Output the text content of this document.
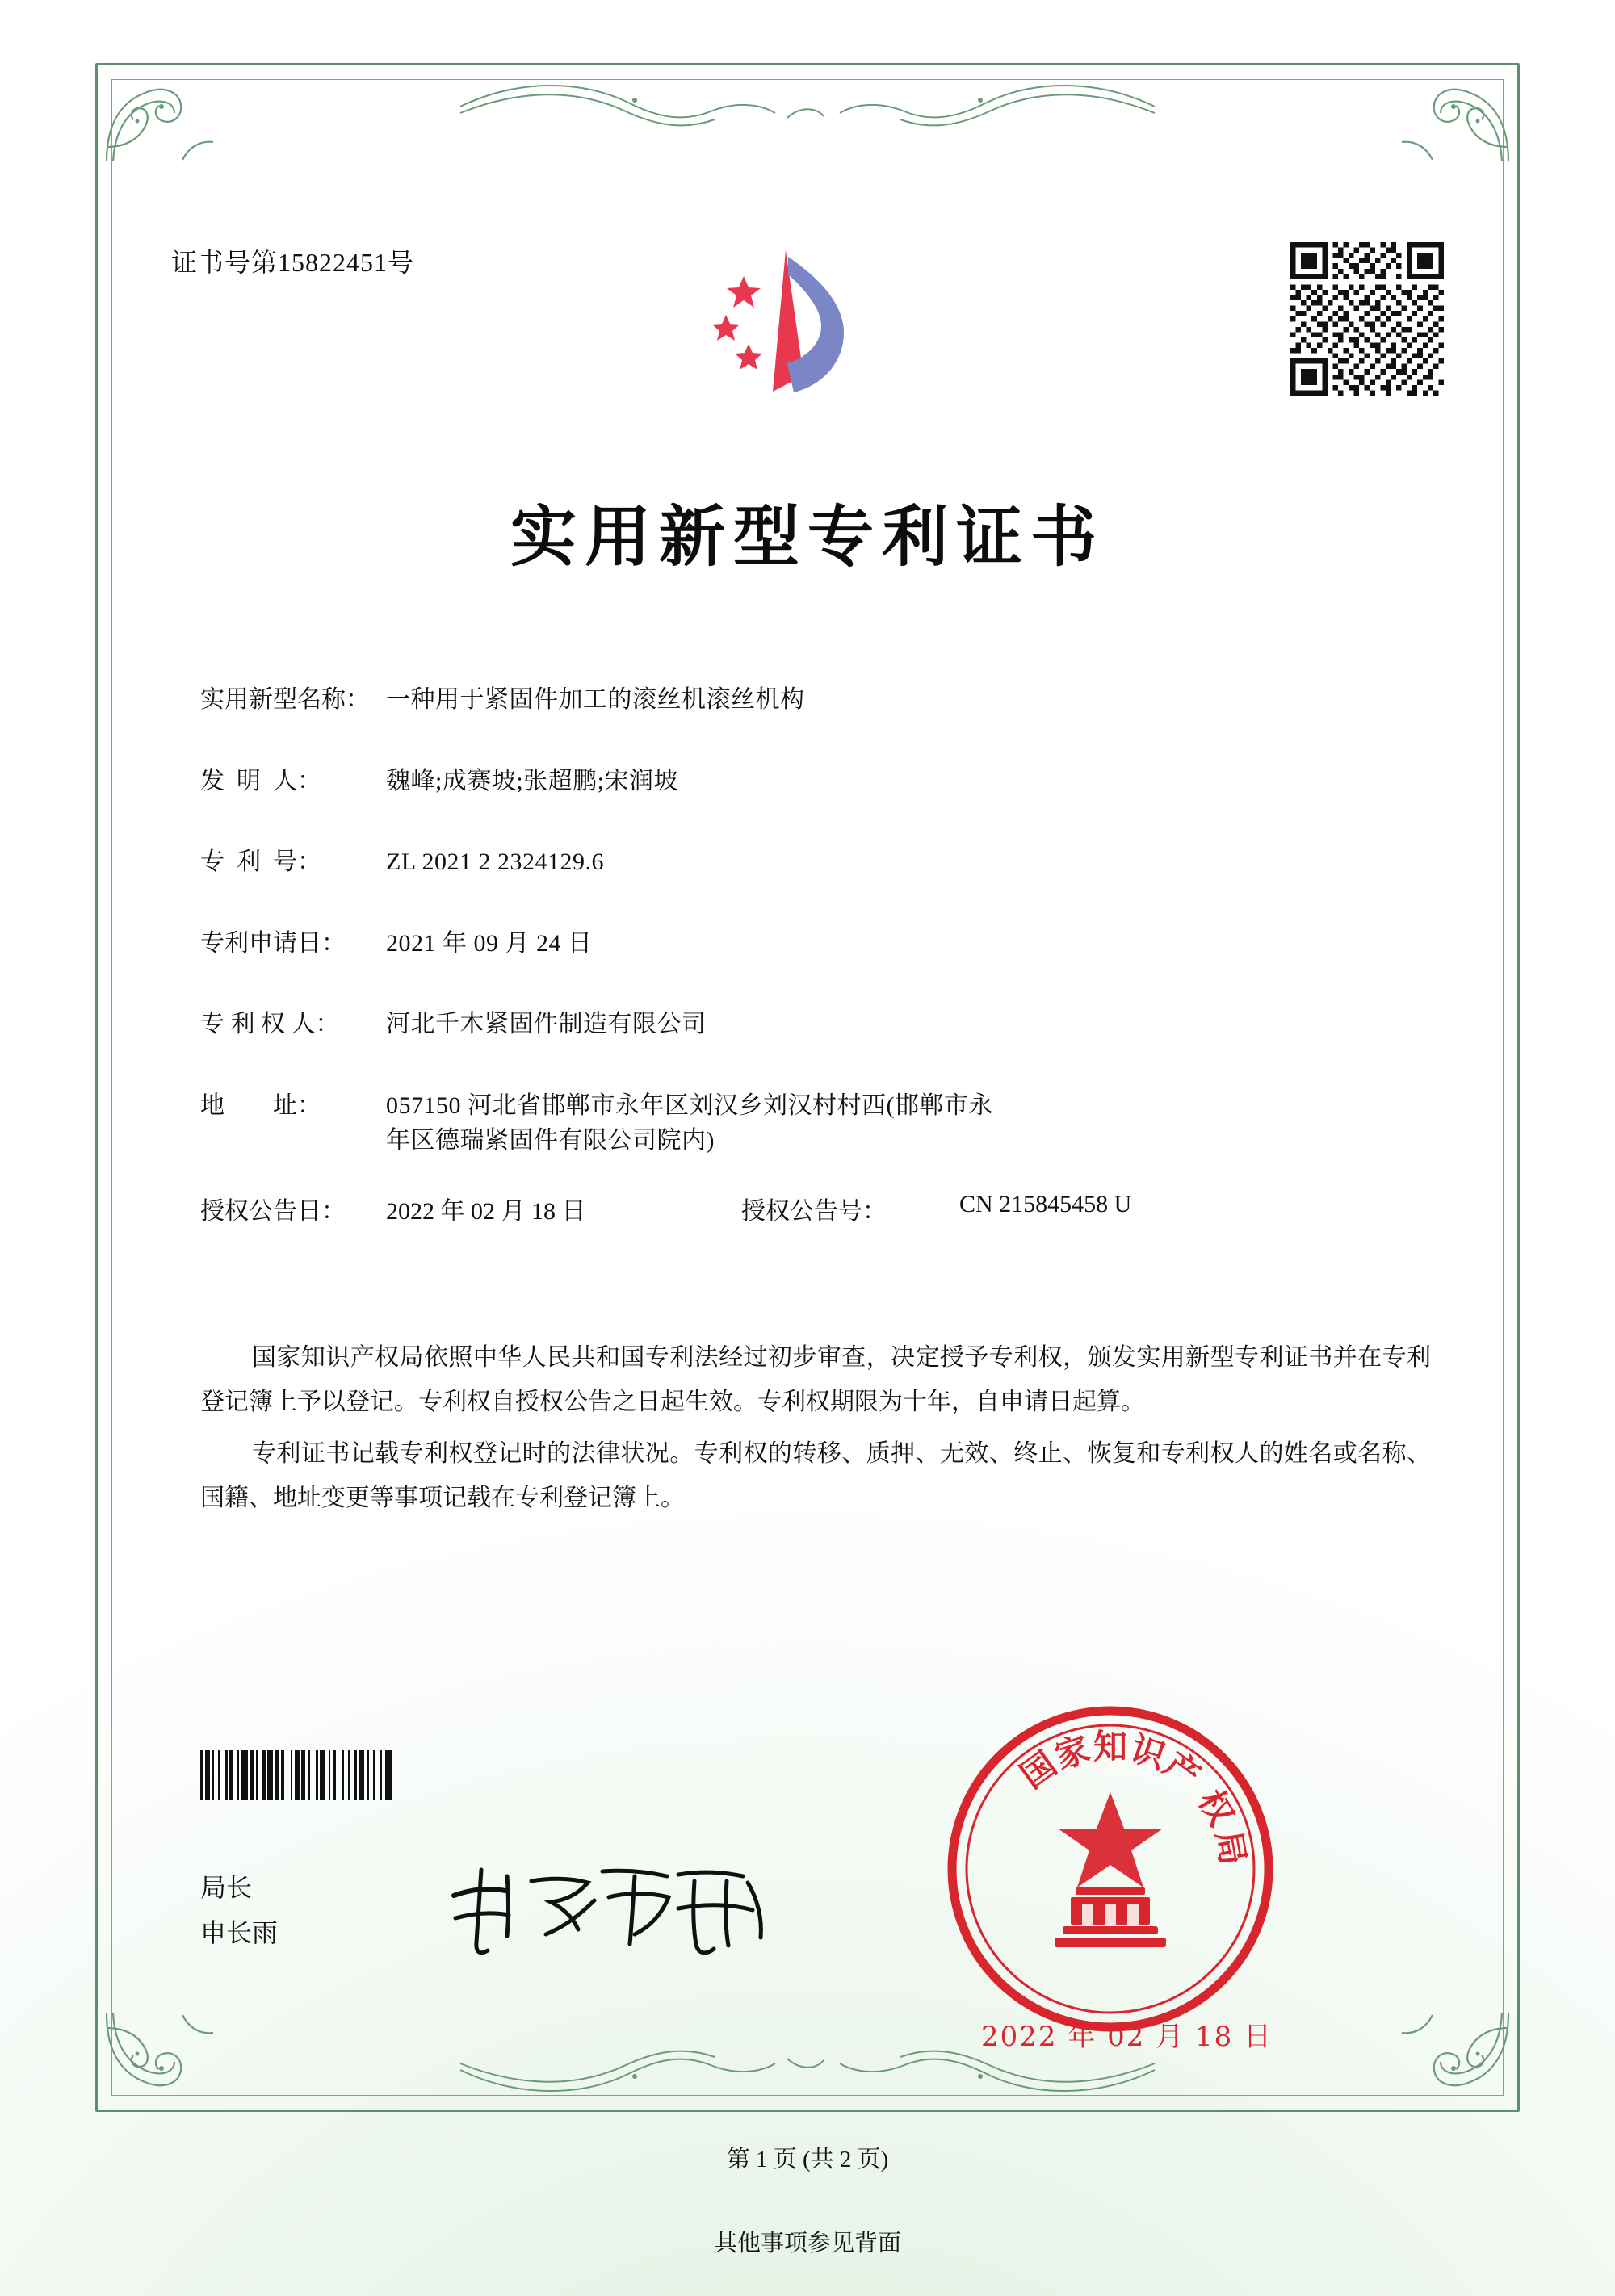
证书号第15822451号
实用新型专利证书
实用新型名称： 一种用于紧固件加工的滚丝机滚丝机构
发  明  人：	魏峰;成赛坡;张超鹏;宋润坡
专  利  号：	ZL 2021 2 2324129.6
专利申请日：	2021 年 09 月 24 日
专 利 权 人：	河北千木紧固件制造有限公司
地        址：	057150 河北省邯郸市永年区刘汉乡刘汉村村西(邯郸市永
年区德瑞紧固件有限公司院内)
授权公告日：	2022 年 02 月 18 日	授权公告号：	CN 215845458 U

国家知识产权局依照中华人民共和国专利法经过初步审查，决定授予专利权，颁发实用新型专利证书并在专利登记簿上予以登记。专利权自授权公告之日起生效。专利权期限为十年，自申请日起算。

专利证书记载专利权登记时的法律状况。专利权的转移、质押、无效、终止、恢复和专利权人的姓名或名称、国籍、地址变更等事项记载在专利登记簿上。

局长
申长雨
国
家
知
识
产
权
局
2022 年 02 月 18 日
第 1 页 (共 2 页)
其他事项参见背面
